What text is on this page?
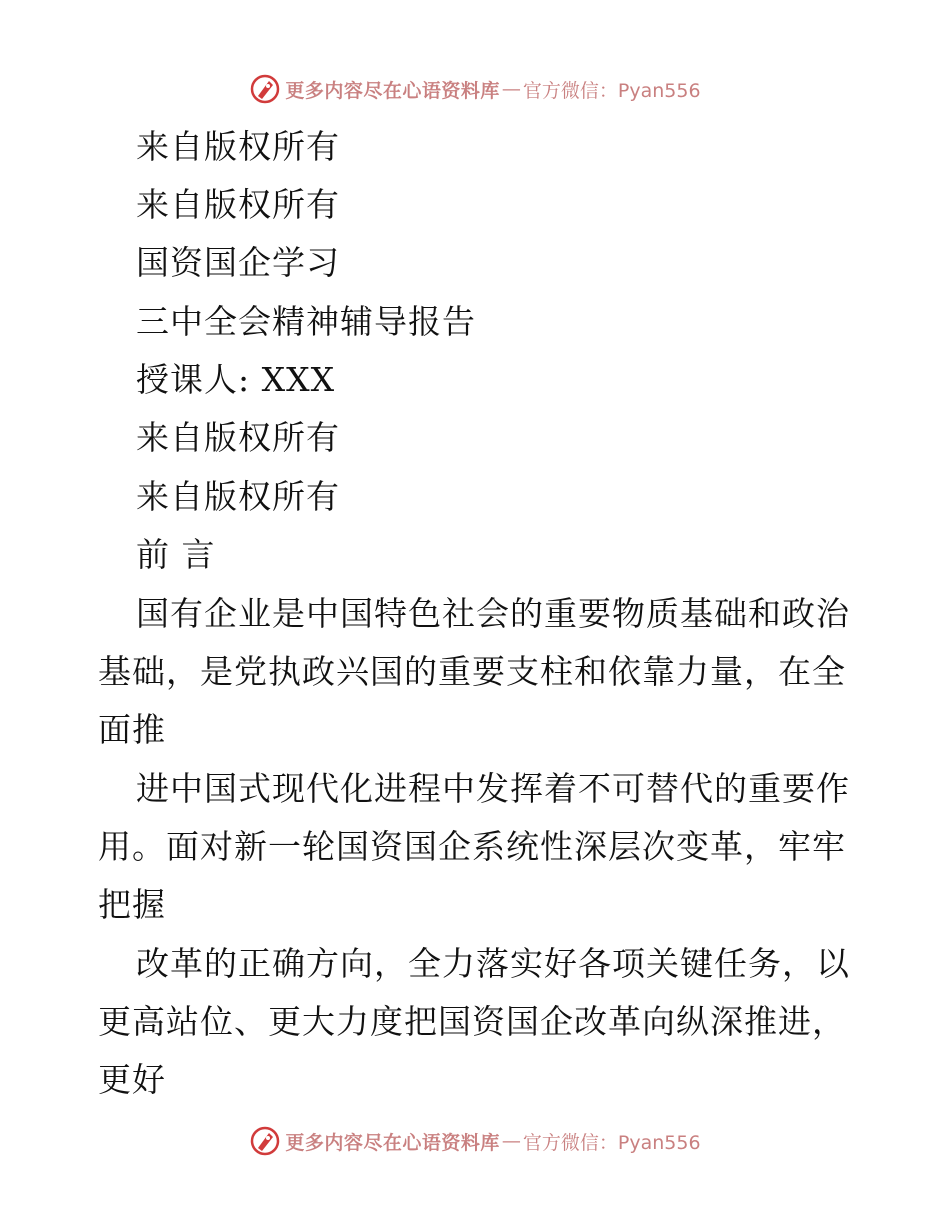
更多内容尽在心语资料库 — 官方微信：Pyan556
来自版权所有
来自版权所有
国资国企学习
三中全会精神辅导报告
授课人: XXX
来自版权所有
来自版权所有
前 言
国有企业是中国特色社会的重要物质基础和政治
基础，是党执政兴国的重要支柱和依靠力量，在全
面推
进中国式现代化进程中发挥着不可替代的重要作
用。面对新一轮国资国企系统性深层次变革，牢牢
把握
改革的正确方向，全力落实好各项关键任务，以
更高站位、更大力度把国资国企改革向纵深推进，
更好
更多内容尽在心语资料库 — 官方微信：Pyan556
